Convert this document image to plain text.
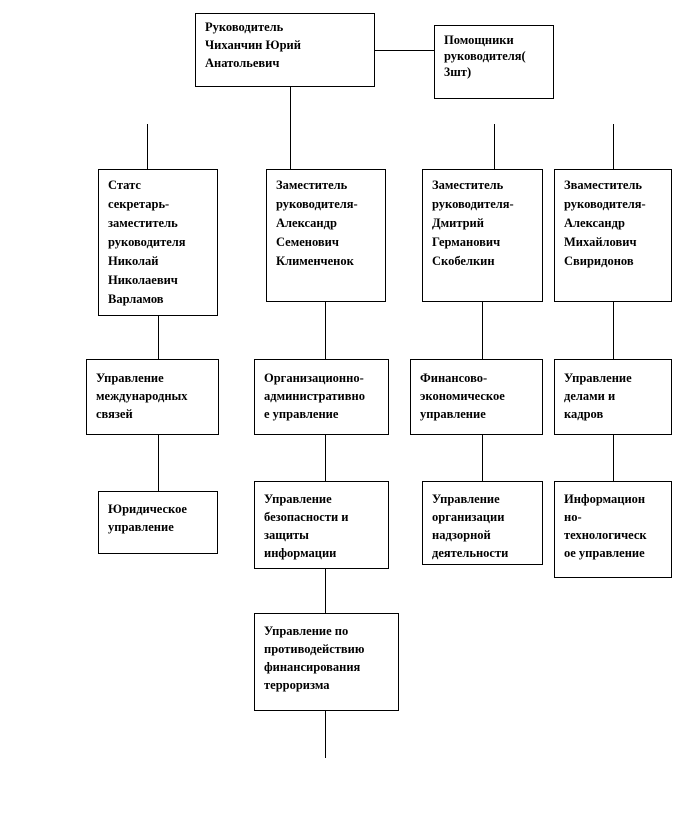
Руководитель
Чиханчин Юрий
Анатольевич
Помощники
руководителя(
3шт)
Статс
секретарь-
заместитель
руководителя
Николай
Николаевич
Варламов
Заместитель
руководителя-
Александр
Семенович
Клименченок
Заместитель
руководителя-
Дмитрий
Германович
Скобелкин
Зваместитель
руководителя-
Александр
Михайлович
Свиридонов
Управление
международных
связей
Организационно-
административно
е управление
Финансово-
экономическое
управление
Управление
делами и
кадров
Юридическое
управление
Управление
безопасности и
защиты
информации
Управление
организации
надзорной
деятельности
Информацион
но-
технологическ
ое управление
Управление по
противодействию
финансирования
терроризма
